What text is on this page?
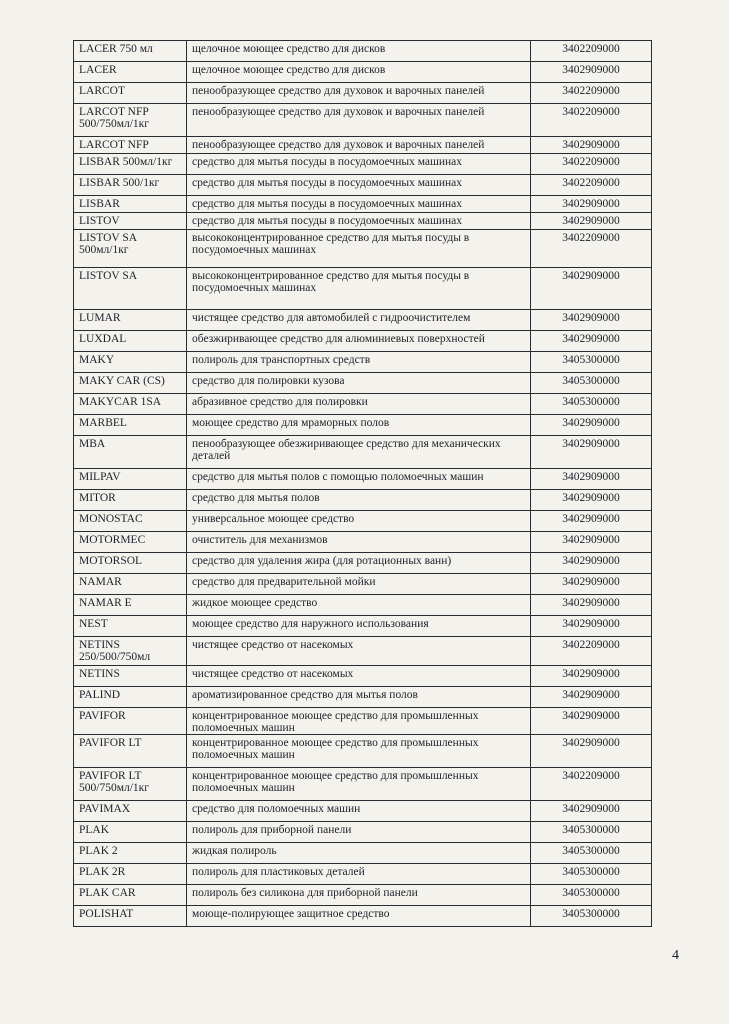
LACER 750 мл	щелочное моющее средство для дисков	3402209000
LACER	щелочное моющее средство для дисков	3402909000
LARCOT	пенообразующее средство для духовок и варочных панелей	3402209000
LARCOT NFP 500/750мл/1кг	пенообразующее средство для духовок и варочных панелей	3402209000
LARCOT NFP	пенообразующее средство для духовок и варочных панелей	3402909000
LISBAR 500мл/1кг	средство для мытья посуды в посудомоечных машинах	3402209000
LISBAR 500/1кг	средство для мытья посуды в посудомоечных машинах	3402209000
LISBAR	средство для мытья посуды в посудомоечных машинах	3402909000
LISTOV	средство для мытья посуды в посудомоечных машинах	3402909000
LISTOV SA 500мл/1кг	высококонцентрированное средство для мытья посуды в посудомоечных машинах	3402209000
LISTOV SA	высококонцентрированное средство для мытья посуды в посудомоечных машинах	3402909000
LUMAR	чистящее средство для автомобилей с гидроочистителем	3402909000
LUXDAL	обезжиривающее средство для алюминиевых поверхностей	3402909000
MAKY	полироль для транспортных средств	3405300000
MAKY CAR (CS)	средство для полировки кузова	3405300000
MAKYCAR 1SA	абразивное средство для полировки	3405300000
MARBEL	моющее средство для мраморных полов	3402909000
MBA	пенообразующее обезжиривающее средство для механических деталей	3402909000
MILPAV	средство для мытья полов с помощью поломоечных машин	3402909000
MITOR	средство для мытья полов	3402909000
MONOSTAC	универсальное моющее средство	3402909000
MOTORMEC	очиститель для механизмов	3402909000
MOTORSOL	средство для удаления жира (для ротационных ванн)	3402909000
NAMAR	средство для предварительной мойки	3402909000
NAMAR E	жидкое моющее средство	3402909000
NEST	моющее средство для наружного использования	3402909000
NETINS 250/500/750мл	чистящее средство от насекомых	3402209000
NETINS	чистящее средство от насекомых	3402909000
PALIND	ароматизированное средство для мытья полов	3402909000
PAVIFOR	концентрированное моющее средство для промышленных поломоечных машин	3402909000
PAVIFOR LT	концентрированное моющее средство для промышленных поломоечных машин	3402909000
PAVIFOR LT 500/750мл/1кг	концентрированное моющее средство для промышленных поломоечных машин	3402209000
PAVIMAX	средство для поломоечных машин	3402909000
PLAK	полироль для приборной панели	3405300000
PLAK 2	жидкая полироль	3405300000
PLAK 2R	полироль для пластиковых деталей	3405300000
PLAK CAR	полироль без силикона для приборной панели	3405300000
POLISHAT	моюще-полирующее защитное средство	3405300000
4
